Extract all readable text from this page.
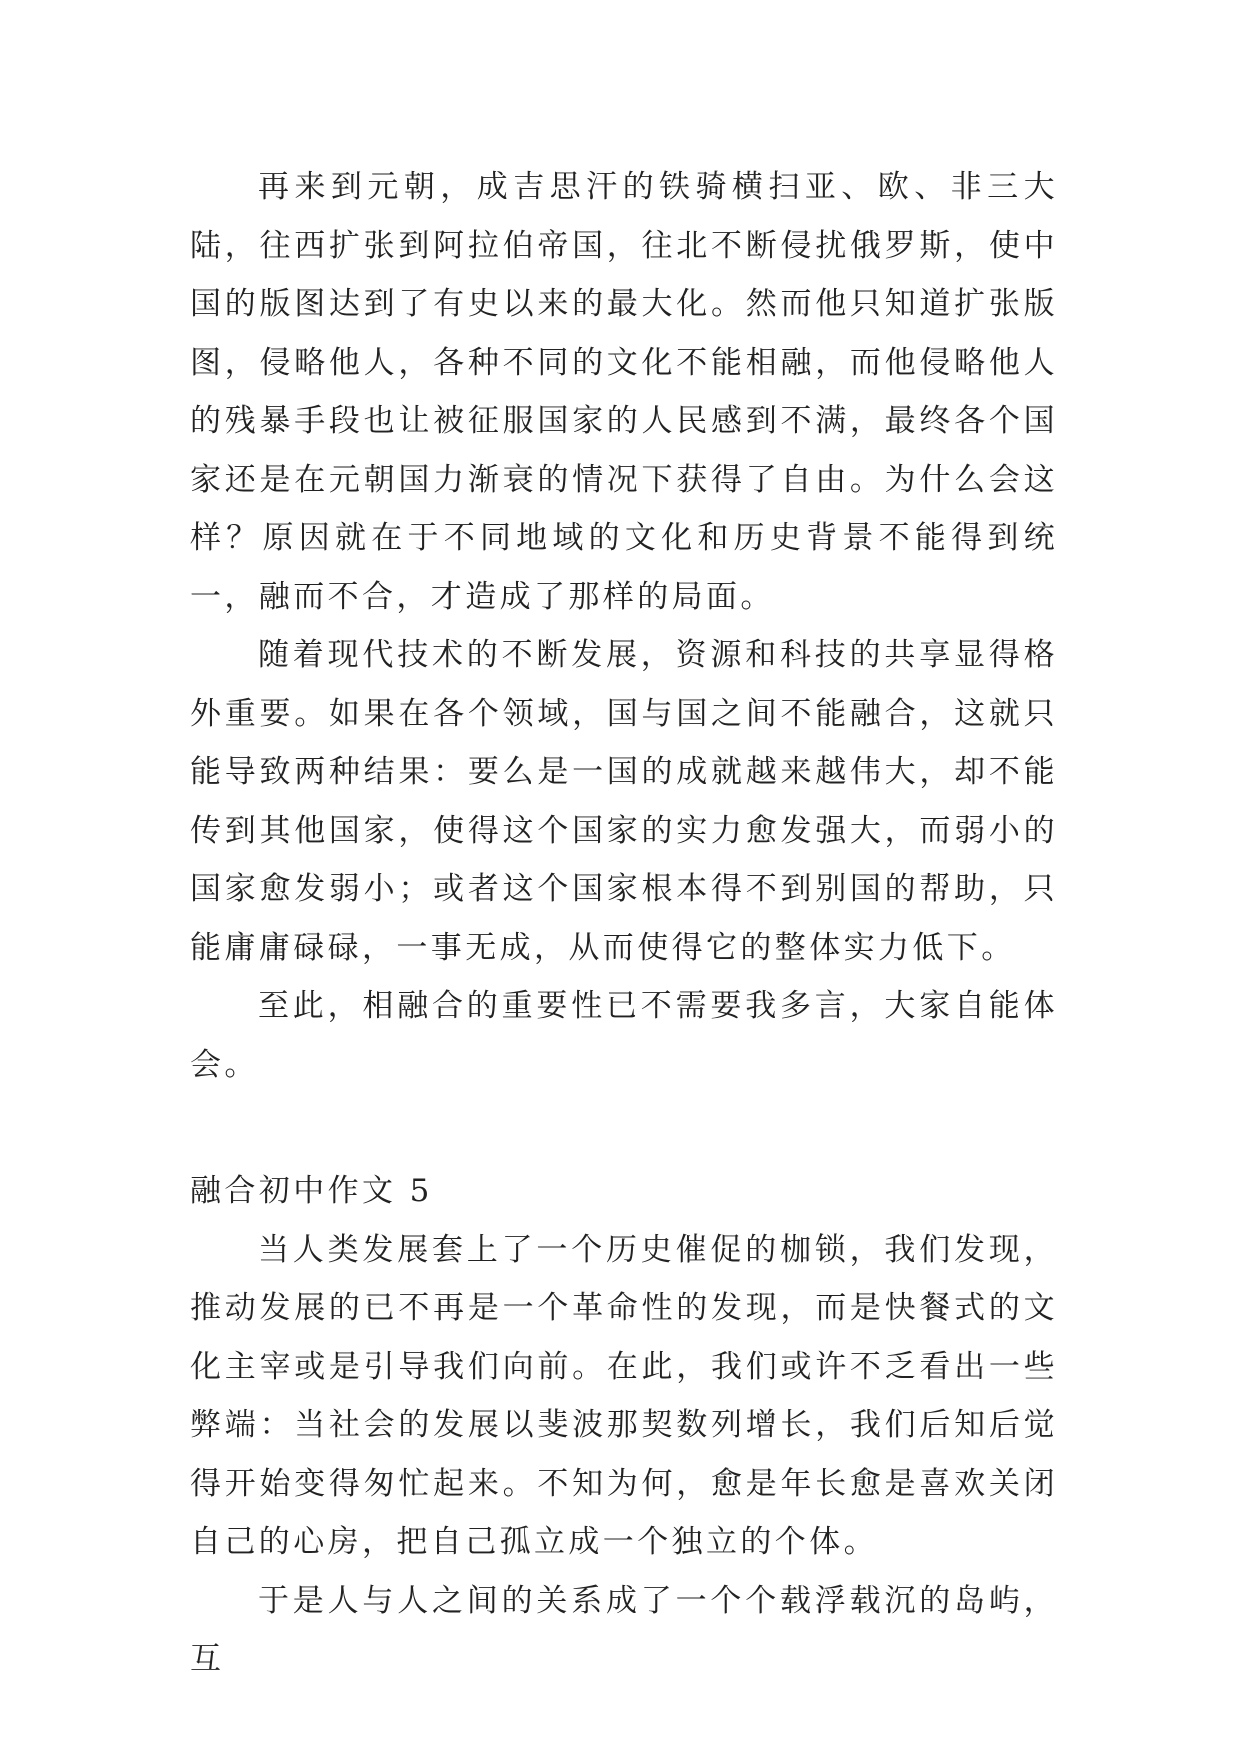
再来到元朝，成吉思汗的铁骑横扫亚、欧、非三大陆，往西扩张到阿拉伯帝国，往北不断侵扰俄罗斯，使中国的版图达到了有史以来的最大化。然而他只知道扩张版图，侵略他人，各种不同的文化不能相融，而他侵略他人的残暴手段也让被征服国家的人民感到不满，最终各个国家还是在元朝国力渐衰的情况下获得了自由。为什么会这样？原因就在于不同地域的文化和历史背景不能得到统一，融而不合，才造成了那样的局面。

随着现代技术的不断发展，资源和科技的共享显得格外重要。如果在各个领域，国与国之间不能融合，这就只能导致两种结果：要么是一国的成就越来越伟大，却不能传到其他国家，使得这个国家的实力愈发强大，而弱小的国家愈发弱小；或者这个国家根本得不到别国的帮助，只能庸庸碌碌，一事无成，从而使得它的整体实力低下。

至此，相融合的重要性已不需要我多言，大家自能体会。

融合初中作文 5

当人类发展套上了一个历史催促的枷锁，我们发现，推动发展的已不再是一个革命性的发现，而是快餐式的文化主宰或是引导我们向前。在此，我们或许不乏看出一些弊端：当社会的发展以斐波那契数列增长，我们后知后觉得开始变得匆忙起来。不知为何，愈是年长愈是喜欢关闭自己的心房，把自己孤立成一个独立的个体。

于是人与人之间的关系成了一个个载浮载沉的岛屿，互
